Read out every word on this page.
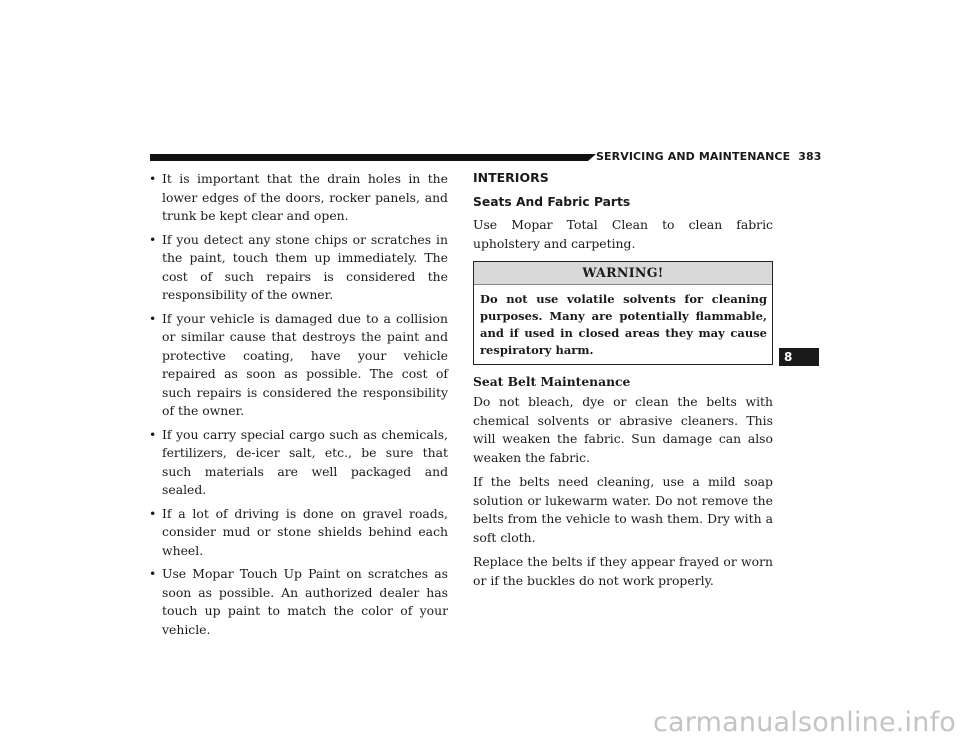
SERVICING AND MAINTENANCE 383
• It is important that the drain holes in the lower edges of the doors, rocker panels, and trunk be kept clear and open.
• If you detect any stone chips or scratches in the paint, touch them up immediately. The cost of such repairs is considered the responsibility of the owner.
• If your vehicle is damaged due to a collision or similar cause that destroys the paint and protective coating, have your vehicle repaired as soon as possible. The cost of such repairs is considered the responsibility of the owner.
• If you carry special cargo such as chemicals, fertilizers, de-icer salt, etc., be sure that such materials are well packaged and sealed.
• If a lot of driving is done on gravel roads, consider mud or stone shields behind each wheel.
• Use Mopar Touch Up Paint on scratches as soon as possible. An authorized dealer has touch up paint to match the color of your vehicle.
INTERIORS
Seats And Fabric Parts

Use Mopar Total Clean to clean fabric upholstery and carpeting.

WARNING!
Do not use volatile solvents for cleaning purposes. Many are potentially flammable, and if used in closed areas they may cause respiratory harm.
Seat Belt Maintenance

Do not bleach, dye or clean the belts with chemical solvents or abrasive cleaners. This will weaken the fabric. Sun damage can also weaken the fabric.

If the belts need cleaning, use a mild soap solution or lukewarm water. Do not remove the belts from the vehicle to wash them. Dry with a soft cloth.

Replace the belts if they appear frayed or worn or if the buckles do not work properly.

8
carmanualsonline.info
